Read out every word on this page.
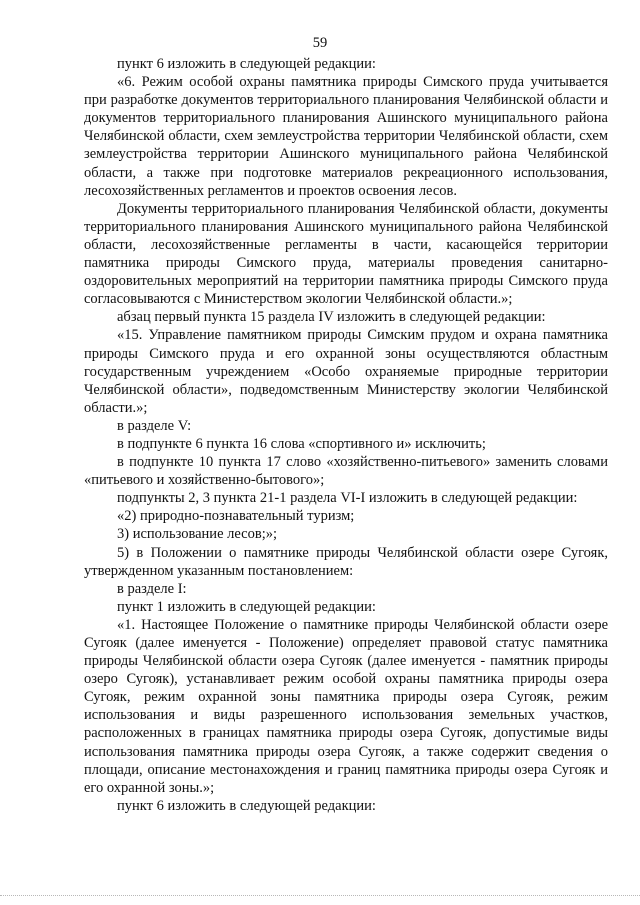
59

пункт 6 изложить в следующей редакции:

«6. Режим особой охраны памятника природы Симского пруда учитывается при разработке документов территориального планирования Челябинской области и документов территориального планирования Ашинского муниципального района Челябинской области, схем землеустройства территории Челябинской области, схем землеустройства территории Ашинского муниципального района Челябинской области, а также при подготовке материалов рекреационного использования, лесохозяйственных регламентов и проектов освоения лесов.

Документы территориального планирования Челябинской области, документы территориального планирования Ашинского муниципального района Челябинской области, лесохозяйственные регламенты в части, касающейся территории памятника природы Симского пруда, материалы проведения санитарно-оздоровительных мероприятий на территории памятника природы Симского пруда согласовываются с Министерством экологии Челябинской области.»;

абзац первый пункта 15 раздела IV изложить в следующей редакции:

«15. Управление памятником природы Симским прудом и охрана памятника природы Симского пруда и его охранной зоны осуществляются областным государственным учреждением «Особо охраняемые природные территории Челябинской области», подведомственным Министерству экологии Челябинской области.»;

в разделе V:

в подпункте 6 пункта 16 слова «спортивного и» исключить;

в подпункте 10 пункта 17 слово «хозяйственно-питьевого» заменить словами «питьевого и хозяйственно-бытового»;

подпункты 2, 3 пункта 21-1 раздела VI-I изложить в следующей редакции:

«2) природно-познавательный туризм;

3) использование лесов;»;

5) в Положении о памятнике природы Челябинской области озере Сугояк, утвержденном указанным постановлением:

в разделе I:

пункт 1 изложить в следующей редакции:

«1. Настоящее Положение о памятнике природы Челябинской области озере Сугояк (далее именуется - Положение) определяет правовой статус памятника природы Челябинской области озера Сугояк (далее именуется - памятник природы озеро Сугояк), устанавливает режим особой охраны памятника природы озера Сугояк, режим охранной зоны памятника природы озера Сугояк, режим использования и виды разрешенного использования земельных участков, расположенных в границах памятника природы озера Сугояк, допустимые виды использования памятника природы озера Сугояк, а также содержит сведения о площади, описание местонахождения и границ памятника природы озера Сугояк и его охранной зоны.»;

пункт 6 изложить в следующей редакции:
